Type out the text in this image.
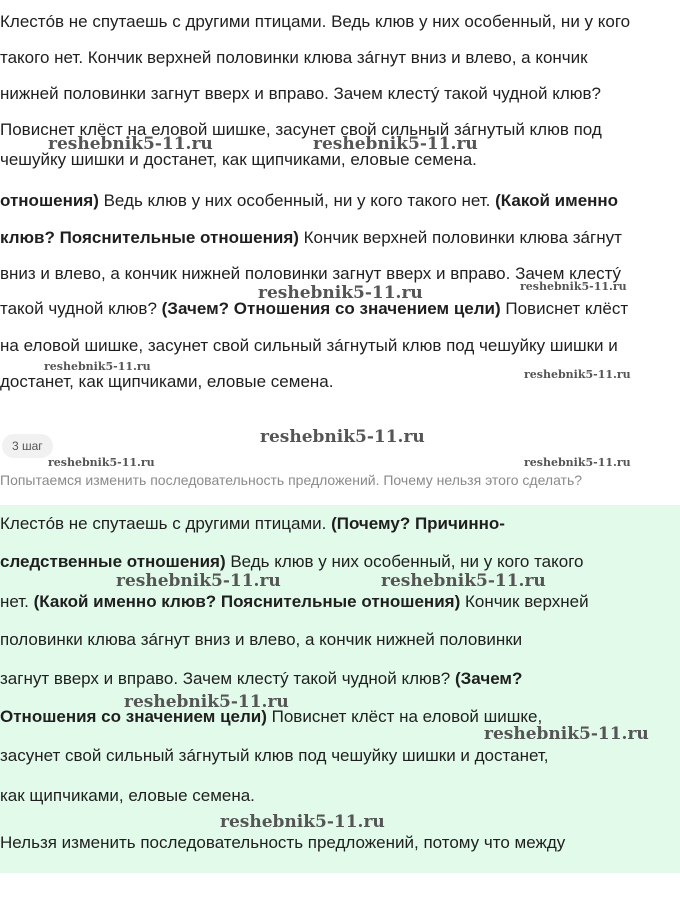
Клестóв не спутаешь с другими птицами. Ведь клюв у них особенный, ни у кого
такого нет. Кончик верхней половинки клюва зáгнут вниз и влево, а кончик
нижней половинки загнут вверх и вправо. Зачем клестý такой чудной клюв?
Повиснет клёст на еловой шишке, засунет свой сильный зáгнутый клюв под
чешуйку шишки и достанет, как щипчиками, еловые семена.
отношения) Ведь клюв у них особенный, ни у кого такого нет. (Какой именно
клюв? Пояснительные отношения) Кончик верхней половинки клюва зáгнут
вниз и влево, а кончик нижней половинки загнут вверх и вправо. Зачем клестý
такой чудной клюв? (Зачем? Отношения со значением цели) Повиснет клёст
на еловой шишке, засунет свой сильный зáгнутый клюв под чешуйку шишки и
достанет, как щипчиками, еловые семена.
3 шаг
Попытаемся изменить последовательность предложений. Почему нельзя этого сделать?
Клестóв не спутаешь с другими птицами. (Почему? Причинно-
следственные отношения) Ведь клюв у них особенный, ни у кого такого
нет. (Какой именно клюв? Пояснительные отношения) Кончик верхней
половинки клюва зáгнут вниз и влево, а кончик нижней половинки
загнут вверх и вправо. Зачем клестý такой чудной клюв? (Зачем?
Отношения со значением цели) Повиснет клёст на еловой шишке,
засунет свой сильный зáгнутый клюв под чешуйку шишки и достанет,
как щипчиками, еловые семена.
Нельзя изменить последовательность предложений, потому что между
reshebnik5-11.ru	reshebnik5-11.ru
reshebnik5-11.ru	reshebnik5-11.ru
reshebnik5-11.ru
reshebnik5-11.ru
reshebnik5-11.ru
reshebnik5-11.ru	reshebnik5-11.ru
reshebnik5-11.ru	reshebnik5-11.ru
reshebnik5-11.ru
reshebnik5-11.ru
reshebnik5-11.ru
